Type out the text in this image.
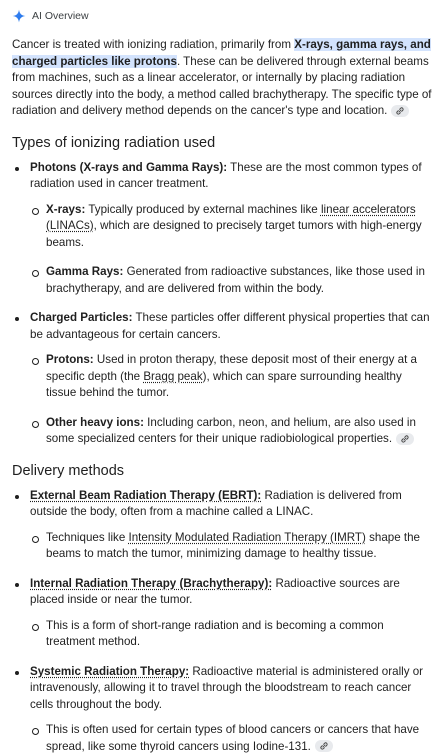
AI Overview

Cancer is treated with ionizing radiation, primarily from X-rays, gamma rays, and charged particles like protons. These can be delivered through external beams from machines, such as a linear accelerator, or internally by placing radiation sources directly into the body, a method called brachytherapy. The specific type of radiation and delivery method depends on the cancer's type and location.

Types of ionizing radiation used
Photons (X-rays and Gamma Rays): These are the most common types of radiation used in cancer treatment.
X-rays: Typically produced by external machines like linear accelerators (LINACs), which are designed to precisely target tumors with high-energy beams.
Gamma Rays: Generated from radioactive substances, like those used in brachytherapy, and are delivered from within the body.
Charged Particles: These particles offer different physical properties that can be advantageous for certain cancers.
Protons: Used in proton therapy, these deposit most of their energy at a specific depth (the Bragg peak), which can spare surrounding healthy tissue behind the tumor.
Other heavy ions: Including carbon, neon, and helium, are also used in some specialized centers for their unique radiobiological properties.
Delivery methods
External Beam Radiation Therapy (EBRT): Radiation is delivered from outside the body, often from a machine called a LINAC.
Techniques like Intensity Modulated Radiation Therapy (IMRT) shape the beams to match the tumor, minimizing damage to healthy tissue.
Internal Radiation Therapy (Brachytherapy): Radioactive sources are placed inside or near the tumor.
This is a form of short-range radiation and is becoming a common treatment method.
Systemic Radiation Therapy: Radioactive material is administered orally or intravenously, allowing it to travel through the bloodstream to reach cancer cells throughout the body.
This is often used for certain types of blood cancers or cancers that have spread, like some thyroid cancers using Iodine-131.
